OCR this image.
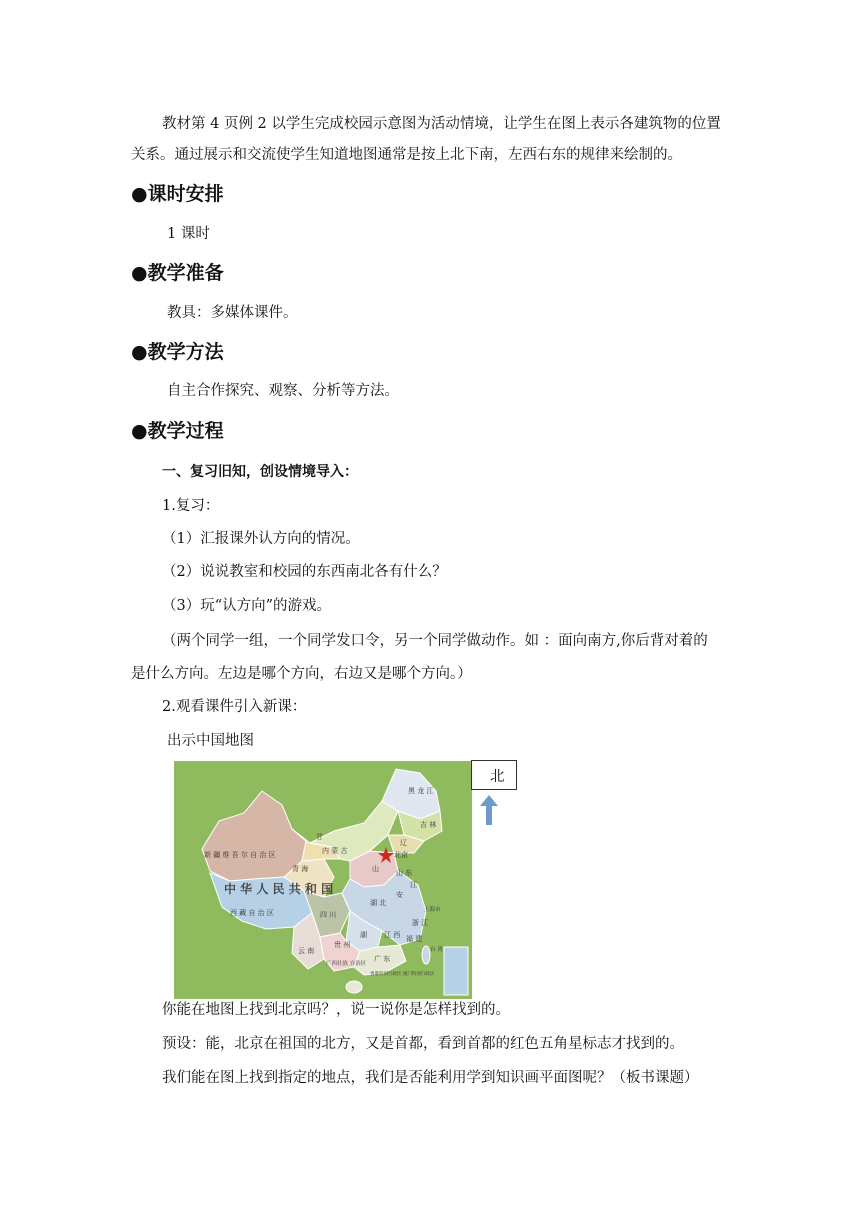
教材第 4 页例 2 以学生完成校园示意图为活动情境，让学生在图上表示各建筑物的位置
关系。通过展示和交流使学生知道地图通常是按上北下南，左西右东的规律来绘制的。
●课时安排
1 课时
●教学准备
教具：多媒体课件。
●教学方法
自主合作探究、观察、分析等方法。
●教学过程
一、复习旧知，创设情境导入：
1.复习：
（1）汇报课外认方向的情况。
（2）说说教室和校园的东西南北各有什么？
（3）玩“认方向”的游戏。
（两个同学一组，一个同学发口令，另一个同学做动作。如 ：面向南方,你后背对着的
是什么方向。左边是哪个方向，右边又是哪个方向。）
2.观看课件引入新课：
出示中国地图
黑 龙 江
吉 林
辽
新 疆 维 吾 尔 自 治 区	内 蒙 古
甘
北京
青 海	山 山 东
西 藏 自 治 区	四 川
湖 北
安
江
上海市
浙 江
湖 江 西 福 建
贵 州
云 南
广西壮族 自治区
广 东
香港特别行政区 澳门特别行政区
台 湾
中 华 人 民 共 和 国
北
你能在地图上找到北京吗？，说一说你是怎样找到的。
预设：能，北京在祖国的北方，又是首都，看到首都的红色五角星标志才找到的。
我们能在图上找到指定的地点，我们是否能利用学到知识画平面图呢？（板书课题）
